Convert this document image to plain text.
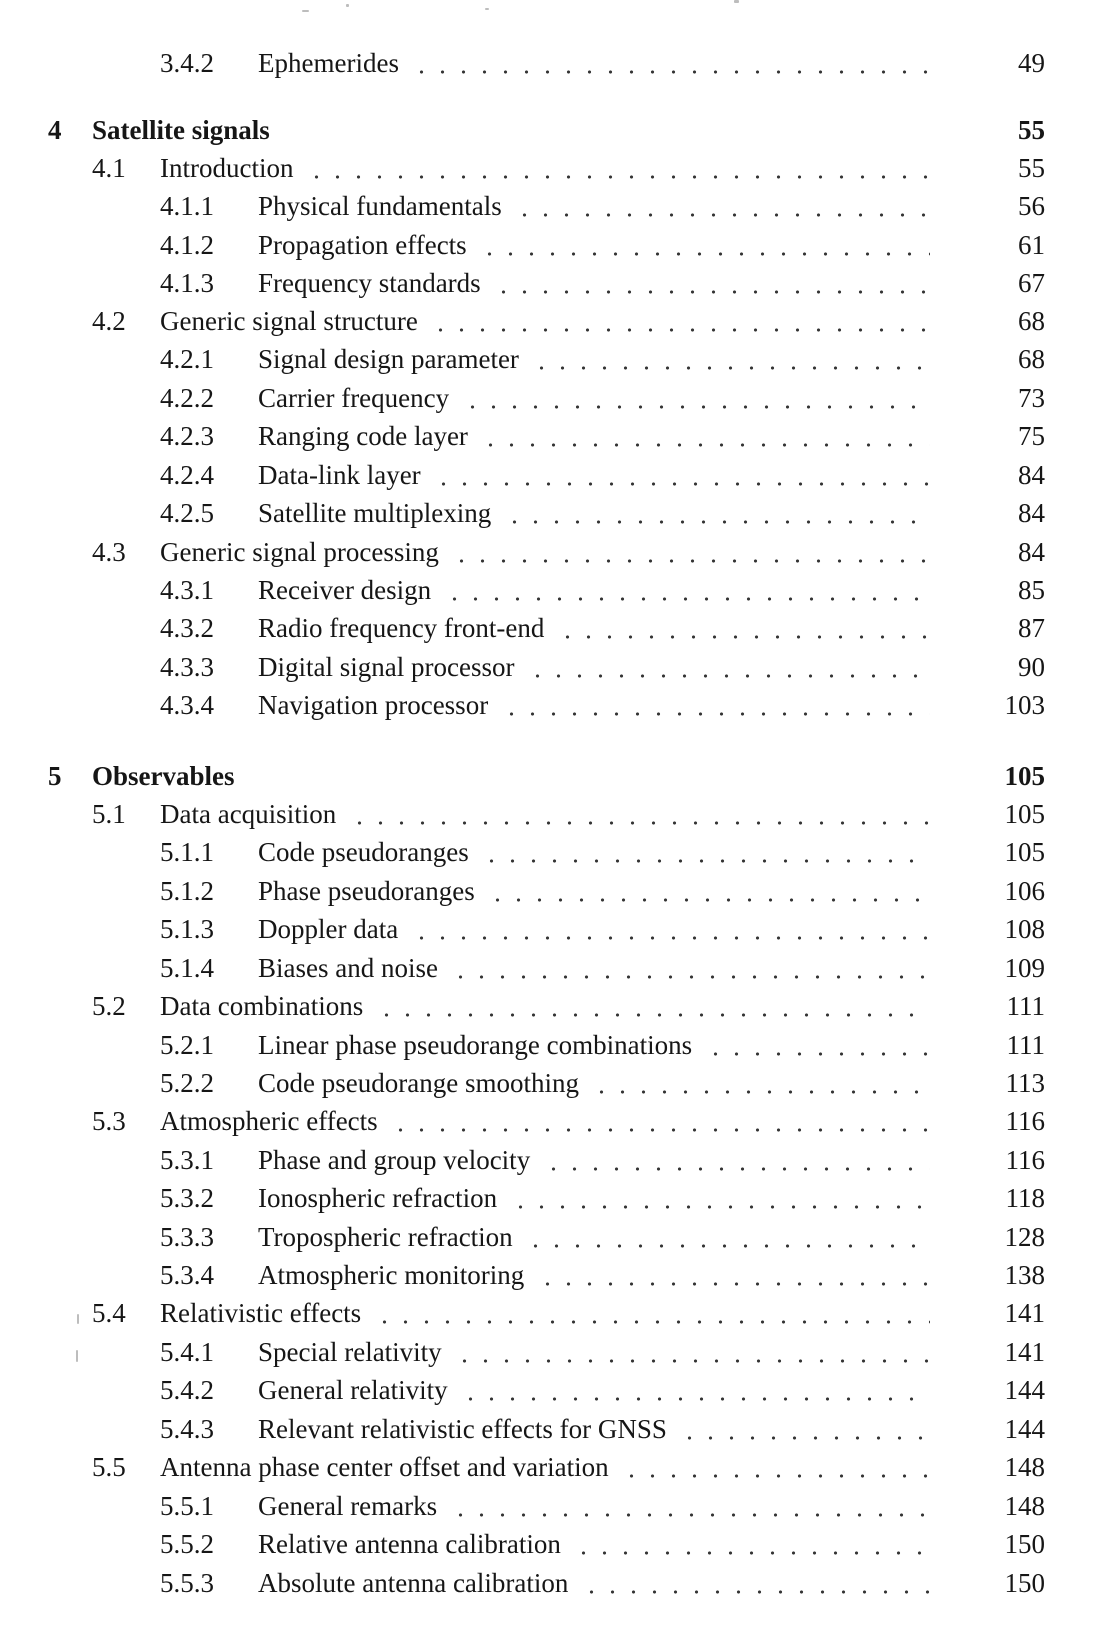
3.4.2	Ephemerides	49
4	Satellite signals	55
4.1	Introduction	55
4.1.1	Physical fundamentals	56
4.1.2	Propagation effects	61
4.1.3	Frequency standards	67
4.2	Generic signal structure	68
4.2.1	Signal design parameter	68
4.2.2	Carrier frequency	73
4.2.3	Ranging code layer	75
4.2.4	Data-link layer	84
4.2.5	Satellite multiplexing	84
4.3	Generic signal processing	84
4.3.1	Receiver design	85
4.3.2	Radio frequency front-end	87
4.3.3	Digital signal processor	90
4.3.4	Navigation processor	103
5	Observables	105
5.1	Data acquisition	105
5.1.1	Code pseudoranges	105
5.1.2	Phase pseudoranges	106
5.1.3	Doppler data	108
5.1.4	Biases and noise	109
5.2	Data combinations	111
5.2.1	Linear phase pseudorange combinations	111
5.2.2	Code pseudorange smoothing	113
5.3	Atmospheric effects	116
5.3.1	Phase and group velocity	116
5.3.2	Ionospheric refraction	118
5.3.3	Tropospheric refraction	128
5.3.4	Atmospheric monitoring	138
5.4	Relativistic effects	141
5.4.1	Special relativity	141
5.4.2	General relativity	144
5.4.3	Relevant relativistic effects for GNSS	144
5.5	Antenna phase center offset and variation	148
5.5.1	General remarks	148
5.5.2	Relative antenna calibration	150
5.5.3	Absolute antenna calibration	150
